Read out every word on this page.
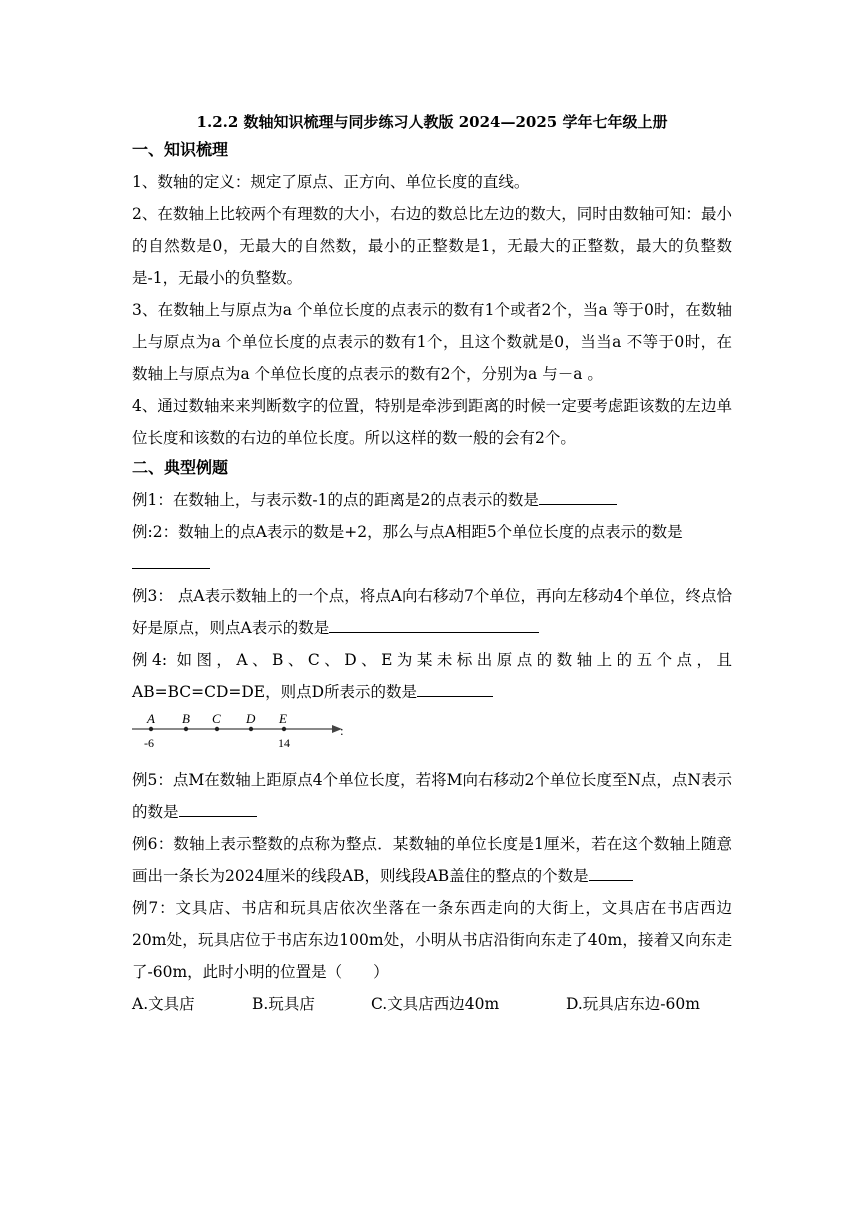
1.2.2 数轴知识梳理与同步练习人教版 2024—2025 学年七年级上册
一、知识梳理
1、数轴的定义：规定了原点、正方向、单位长度的直线。
2、在数轴上比较两个有理数的大小，右边的数总比左边的数大，同时由数轴可知：最小的自然数是0，无最大的自然数，最小的正整数是1，无最大的正整数，最大的负整数是-1，无最小的负整数。
3、在数轴上与原点为a 个单位长度的点表示的数有1个或者2个，当a 等于0时，在数轴上与原点为a 个单位长度的点表示的数有1个，且这个数就是0，当当a 不等于0时，在数轴上与原点为a 个单位长度的点表示的数有2个，分别为a 与－a 。
4、通过数轴来来判断数字的位置，特别是牵涉到距离的时候一定要考虑距该数的左边单位长度和该数的右边的单位长度。所以这样的数一般的会有2个。
二、典型例题
例1：在数轴上，与表示数-1的点的距离是2的点表示的数是
例:2：数轴上的点A表示的数是+2，那么与点A相距5个单位长度的点表示的数是

例3： 点A表示数轴上的一个点，将点A向右移动7个单位，再向左移动4个单位，终点恰好是原点，则点A表示的数是
例4: 如图，A、B、C、D、E为某未标出原点的数轴上的五个点，且AB=BC=CD=DE，则点D所表示的数是
A B C D E
-6	14
:
例5：点M在数轴上距原点4个单位长度，若将M向右移动2个单位长度至N点，点N表示的数是
例6：数轴上表示整数的点称为整点．某数轴的单位长度是1厘米，若在这个数轴上随意画出一条长为2024厘米的线段AB，则线段AB盖住的整点的个数是
例7：文具店、书店和玩具店依次坐落在一条东西走向的大街上，文具店在书店西边20m处，玩具店位于书店东边100m处，小明从书店沿街向东走了40m，接着又向东走了-60m，此时小明的位置是（　　）
A.文具店	B.玩具店	C.文具店西边40m	D.玩具店东边-60m
